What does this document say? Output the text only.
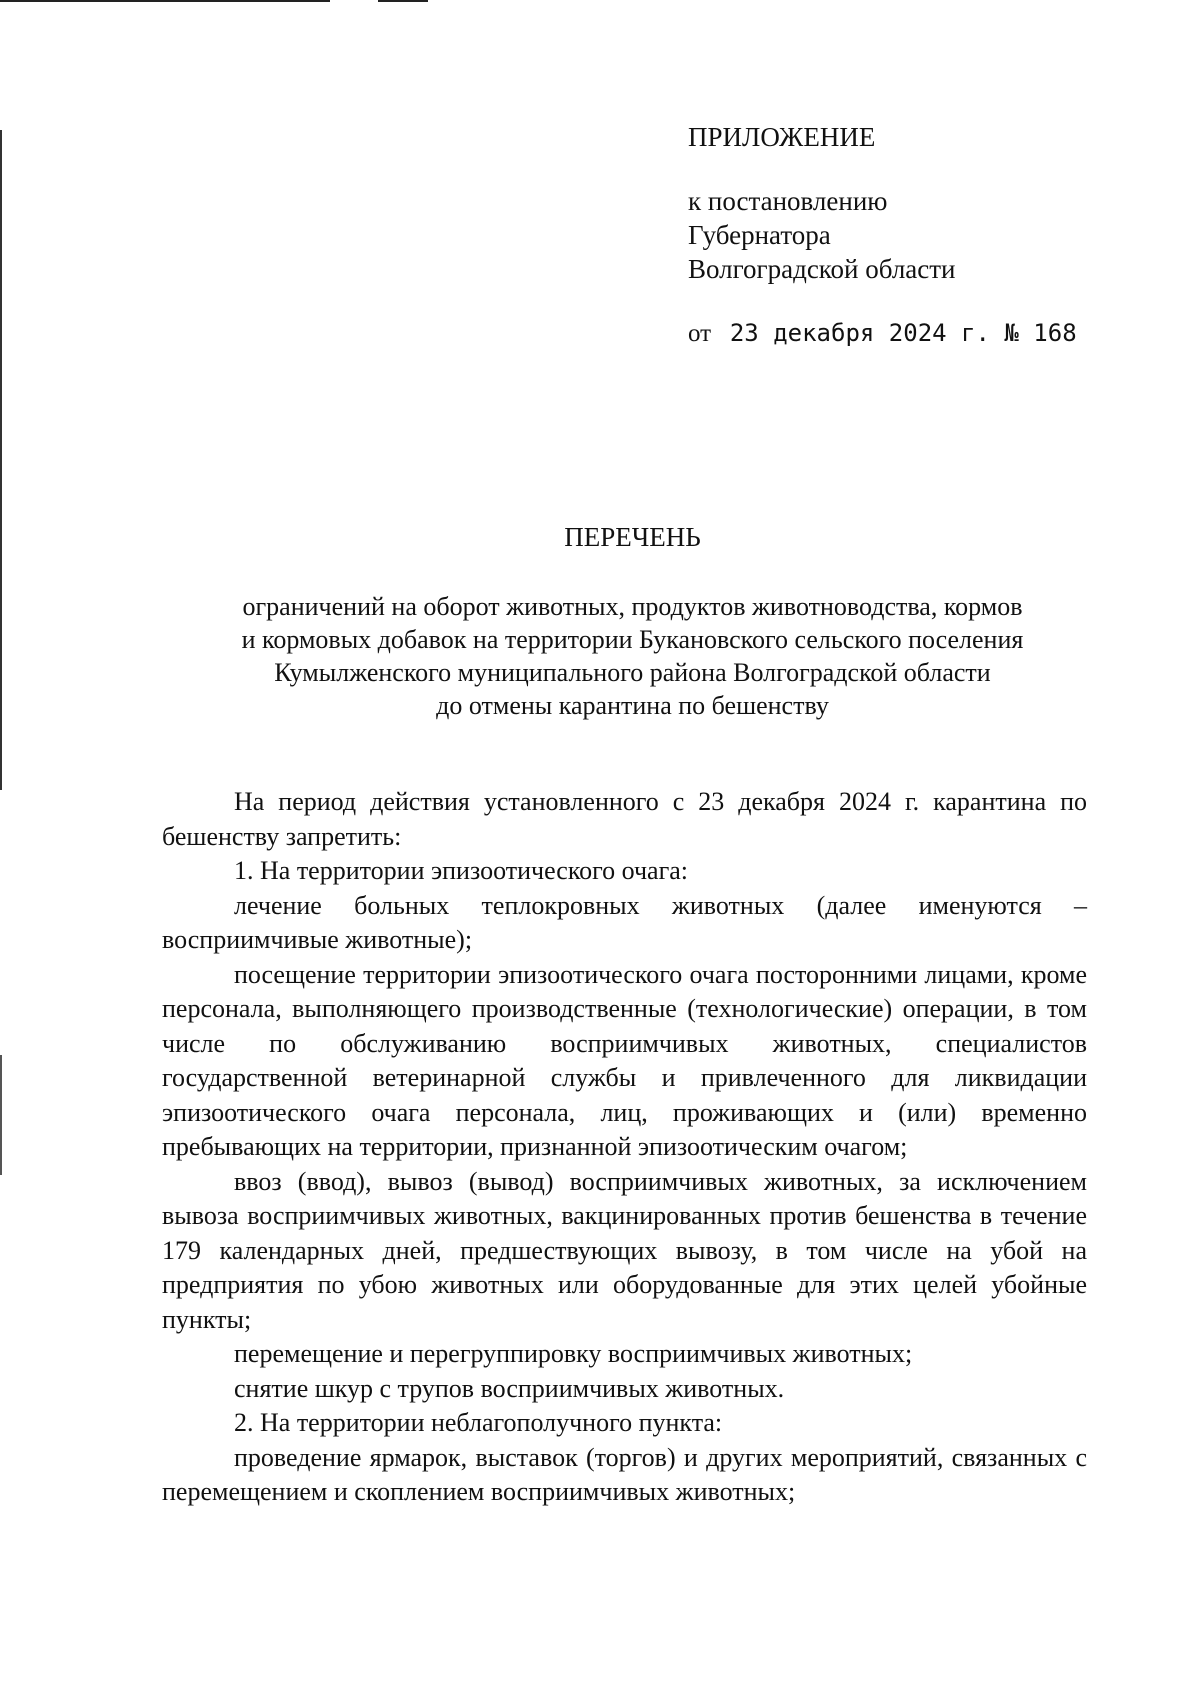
ПРИЛОЖЕНИЕ
к постановлению
Губернатора
Волгоградской области
от 23 декабря 2024 г. № 168
ПЕРЕЧЕНЬ
ограничений на оборот животных, продуктов животноводства, кормов
и кормовых добавок на территории Букановского сельского поселения
Кумылженского муниципального района Волгоградской области
до отмены карантина по бешенству

На период действия установленного с 23 декабря 2024 г. карантина по бешенству запретить:

1. На территории эпизоотического очага:

лечение больных теплокровных животных (далее именуются – восприимчивые животные);

посещение территории эпизоотического очага посторонними лицами, кроме персонала, выполняющего производственные (технологические) операции, в том числе по обслуживанию восприимчивых животных, специалистов государственной ветеринарной службы и привлеченного для ликвидации эпизоотического очага персонала, лиц, проживающих и (или) временно пребывающих на территории, признанной эпизоотическим очагом;

ввоз (ввод), вывоз (вывод) восприимчивых животных, за исключением вывоза восприимчивых животных, вакцинированных против бешенства в течение 179 календарных дней, предшествующих вывозу, в том числе на убой на предприятия по убою животных или оборудованные для этих целей убойные пункты;

перемещение и перегруппировку восприимчивых животных;

снятие шкур с трупов восприимчивых животных.

2. На территории неблагополучного пункта:

проведение ярмарок, выставок (торгов) и других мероприятий, связанных с перемещением и скоплением восприимчивых животных;
